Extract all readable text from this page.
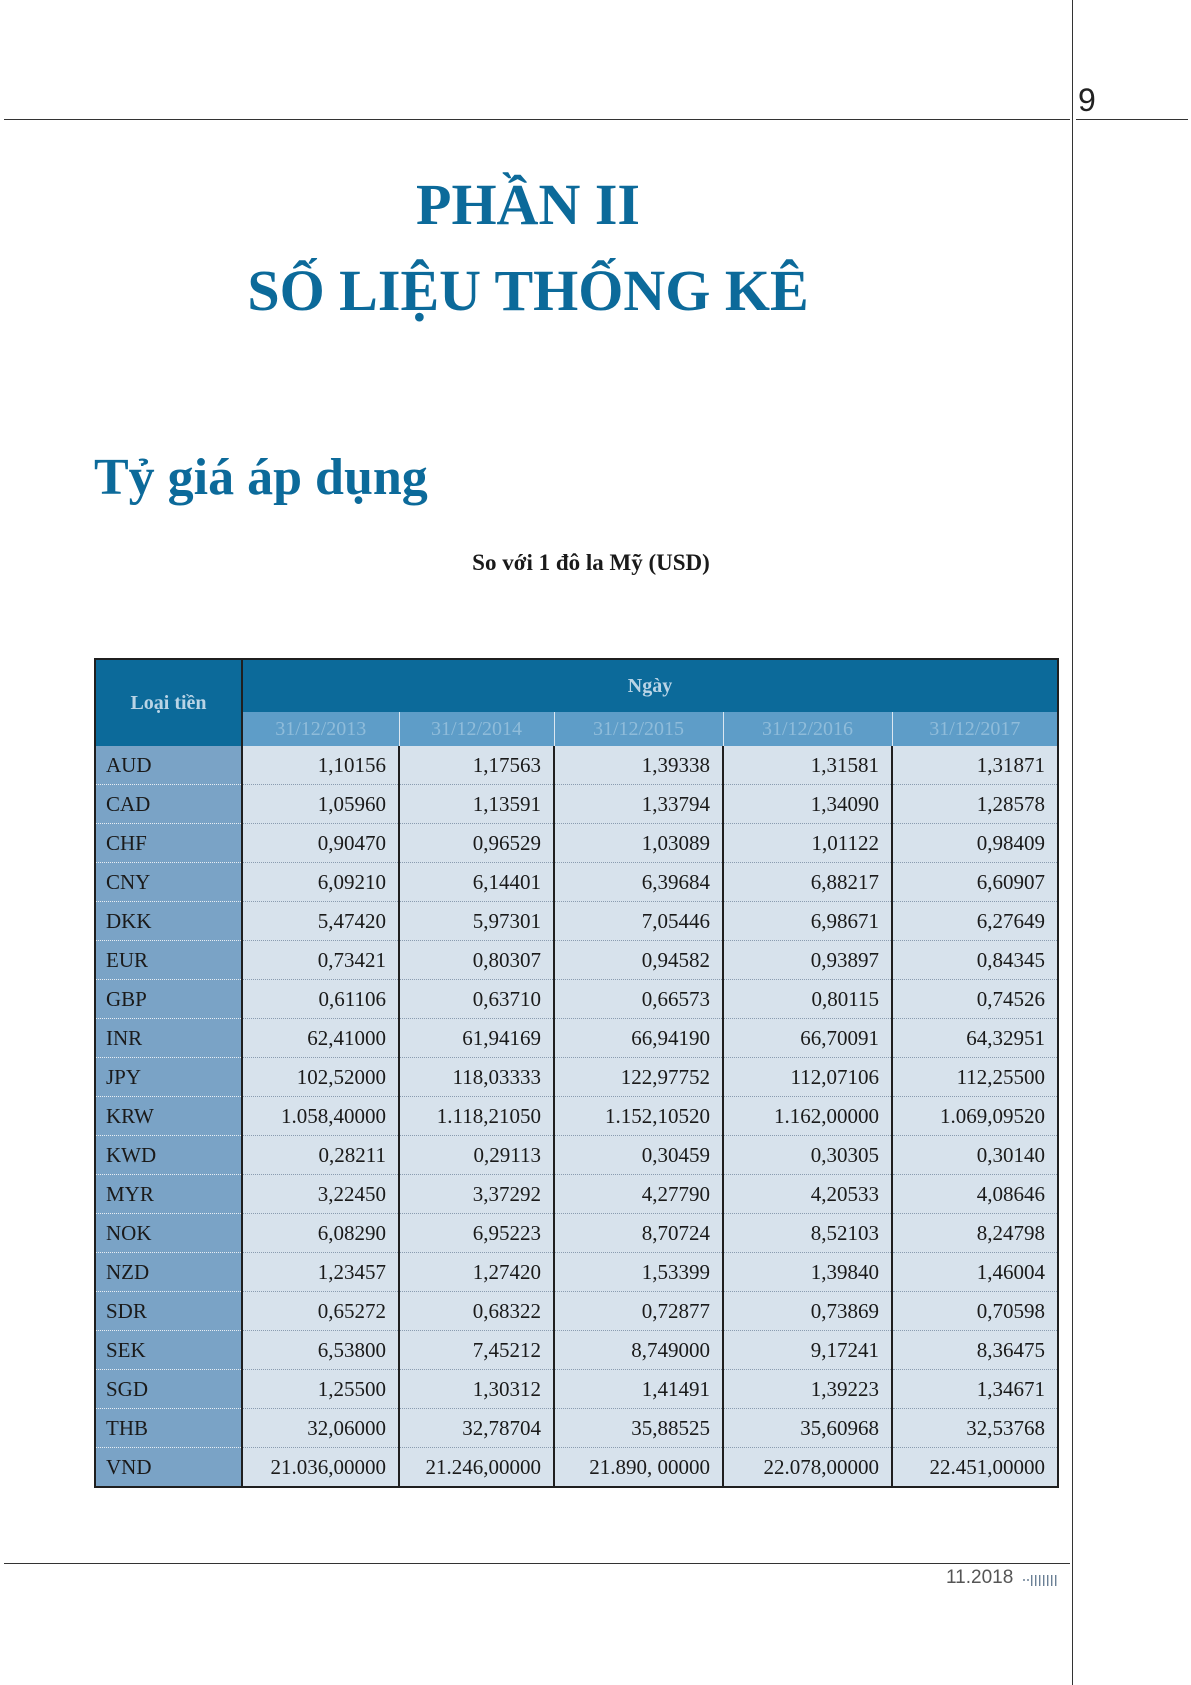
9
PHẦN II
SỐ LIỆU THỐNG KÊ
Tỷ giá áp dụng
So với 1 đô la Mỹ (USD)
Loại tiền	Ngày				
	31/12/2013	31/12/2014	31/12/2015	31/12/2016	31/12/2017
AUD	1,10156	1,17563	1,39338	1,31581	1,31871
CAD	1,05960	1,13591	1,33794	1,34090	1,28578
CHF	0,90470	0,96529	1,03089	1,01122	0,98409
CNY	6,09210	6,14401	6,39684	6,88217	6,60907
DKK	5,47420	5,97301	7,05446	6,98671	6,27649
EUR	0,73421	0,80307	0,94582	0,93897	0,84345
GBP	0,61106	0,63710	0,66573	0,80115	0,74526
INR	62,41000	61,94169	66,94190	66,70091	64,32951
JPY	102,52000	118,03333	122,97752	112,07106	112,25500
KRW	1.058,40000	1.118,21050	1.152,10520	1.162,00000	1.069,09520
KWD	0,28211	0,29113	0,30459	0,30305	0,30140
MYR	3,22450	3,37292	4,27790	4,20533	4,08646
NOK	6,08290	6,95223	8,70724	8,52103	8,24798
NZD	1,23457	1,27420	1,53399	1,39840	1,46004
SDR	0,65272	0,68322	0,72877	0,73869	0,70598
SEK	6,53800	7,45212	8,749000	9,17241	8,36475
SGD	1,25500	1,30312	1,41491	1,39223	1,34671
THB	32,06000	32,78704	35,88525	35,60968	32,53768
VND	21.036,00000	21.246,00000	21.890, 00000	22.078,00000	22.451,00000
11.2018
